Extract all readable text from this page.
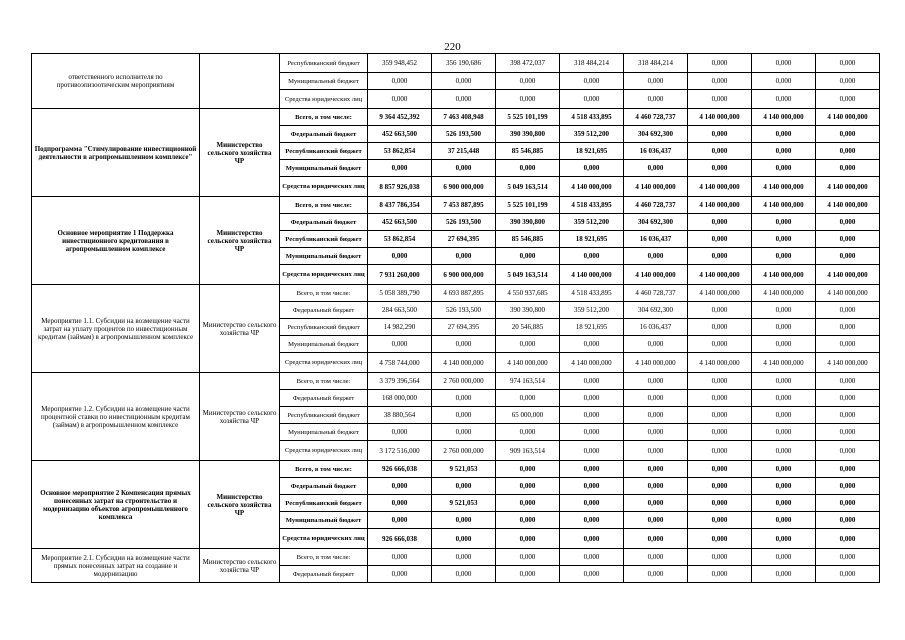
220
ответственного исполнителя по противоэпизоотическим мероприятиям		Республиканский бюджет	359 948,452	356 190,686	398 472,037	318 484,214	318 484,214	0,000	0,000	0,000
		Муниципальный бюджет	0,000	0,000	0,000	0,000	0,000	0,000	0,000	0,000
		Средства юридических лиц	0,000	0,000	0,000	0,000	0,000	0,000	0,000	0,000
Подпрограмма "Стимулирование инвестиционной деятельности в агропромышленном комплексе"	Министерство сельского хозяйства ЧР	Всего, в том числе:	9 364 452,392	7 463 408,948	5 525 101,199	4 518 433,895	4 460 728,737	4 140 000,000	4 140 000,000	4 140 000,000
		Федеральный бюджет	452 663,500	526 193,500	390 390,800	359 512,200	304 692,300	0,000	0,000	0,000
		Республиканский бюджет	53 862,854	37 215,448	85 546,885	18 921,695	16 036,437	0,000	0,000	0,000
		Муниципальный бюджет	0,000	0,000	0,000	0,000	0,000	0,000	0,000	0,000
		Средства юридических лиц	8 857 926,038	6 900 000,000	5 049 163,514	4 140 000,000	4 140 000,000	4 140 000,000	4 140 000,000	4 140 000,000
Основное мероприятие 1 Поддержка инвестиционного кредитования в агропромышленном комплексе	Министерство сельского хозяйства ЧР	Всего, в том числе:	8 437 786,354	7 453 887,895	5 525 101,199	4 518 433,895	4 460 728,737	4 140 000,000	4 140 000,000	4 140 000,000
		Федеральный бюджет	452 663,500	526 193,500	390 390,800	359 512,200	304 692,300	0,000	0,000	0,000
		Республиканский бюджет	53 862,854	27 694,395	85 546,885	18 921,695	16 036,437	0,000	0,000	0,000
		Муниципальный бюджет	0,000	0,000	0,000	0,000	0,000	0,000	0,000	0,000
		Средства юридических лиц	7 931 260,000	6 900 000,000	5 049 163,514	4 140 000,000	4 140 000,000	4 140 000,000	4 140 000,000	4 140 000,000
Мероприятие 1.1. Субсидии на возмещение части затрат на уплату процентов по инвестиционным кредитам (займам) в агропромышленном комплексе	Министерство сельского хозяйства ЧР	Всего, в том числе:	5 058 389,790	4 693 887,895	4 550 937,685	4 518 433,895	4 460 728,737	4 140 000,000	4 140 000,000	4 140 000,000
		Федеральный бюджет	284 663,500	526 193,500	390 390,800	359 512,200	304 692,300	0,000	0,000	0,000
		Республиканский бюджет	14 982,290	27 694,395	20 546,885	18 921,695	16 036,437	0,000	0,000	0,000
		Муниципальный бюджет	0,000	0,000	0,000	0,000	0,000	0,000	0,000	0,000
		Средства юридических лиц	4 758 744,000	4 140 000,000	4 140 000,000	4 140 000,000	4 140 000,000	4 140 000,000	4 140 000,000	4 140 000,000
Мероприятие 1.2. Субсидии на возмещение части процентной ставки по инвестиционным кредитам (займам) в агропромышленном комплексе	Министерство сельского хозяйства ЧР	Всего, в том числе:	3 379 396,564	2 760 000,000	974 163,514	0,000	0,000	0,000	0,000	0,000
		Федеральный бюджет	168 000,000	0,000	0,000	0,000	0,000	0,000	0,000	0,000
		Республиканский бюджет	38 880,564	0,000	65 000,000	0,000	0,000	0,000	0,000	0,000
		Муниципальный бюджет	0,000	0,000	0,000	0,000	0,000	0,000	0,000	0,000
		Средства юридических лиц	3 172 516,000	2 760 000,000	909 163,514	0,000	0,000	0,000	0,000	0,000
Основное мероприятие 2 Компенсация прямых понесенных затрат на строительство и модернизацию объектов агропромышленного комплекса	Министерство сельского хозяйства ЧР	Всего, в том числе:	926 666,038	9 521,053	0,000	0,000	0,000	0,000	0,000	0,000
		Федеральный бюджет	0,000	0,000	0,000	0,000	0,000	0,000	0,000	0,000
		Республиканский бюджет	0,000	9 521,053	0,000	0,000	0,000	0,000	0,000	0,000
		Муниципальный бюджет	0,000	0,000	0,000	0,000	0,000	0,000	0,000	0,000
		Средства юридических лиц	926 666,038	0,000	0,000	0,000	0,000	0,000	0,000	0,000
Мероприятие 2.1. Субсидии на возмещение части прямых понесенных затрат на создание и модернизацию	Министерство сельского хозяйства ЧР	Всего, в том числе:	0,000	0,000	0,000	0,000	0,000	0,000	0,000	0,000
		Федеральный бюджет	0,000	0,000	0,000	0,000	0,000	0,000	0,000	0,000
